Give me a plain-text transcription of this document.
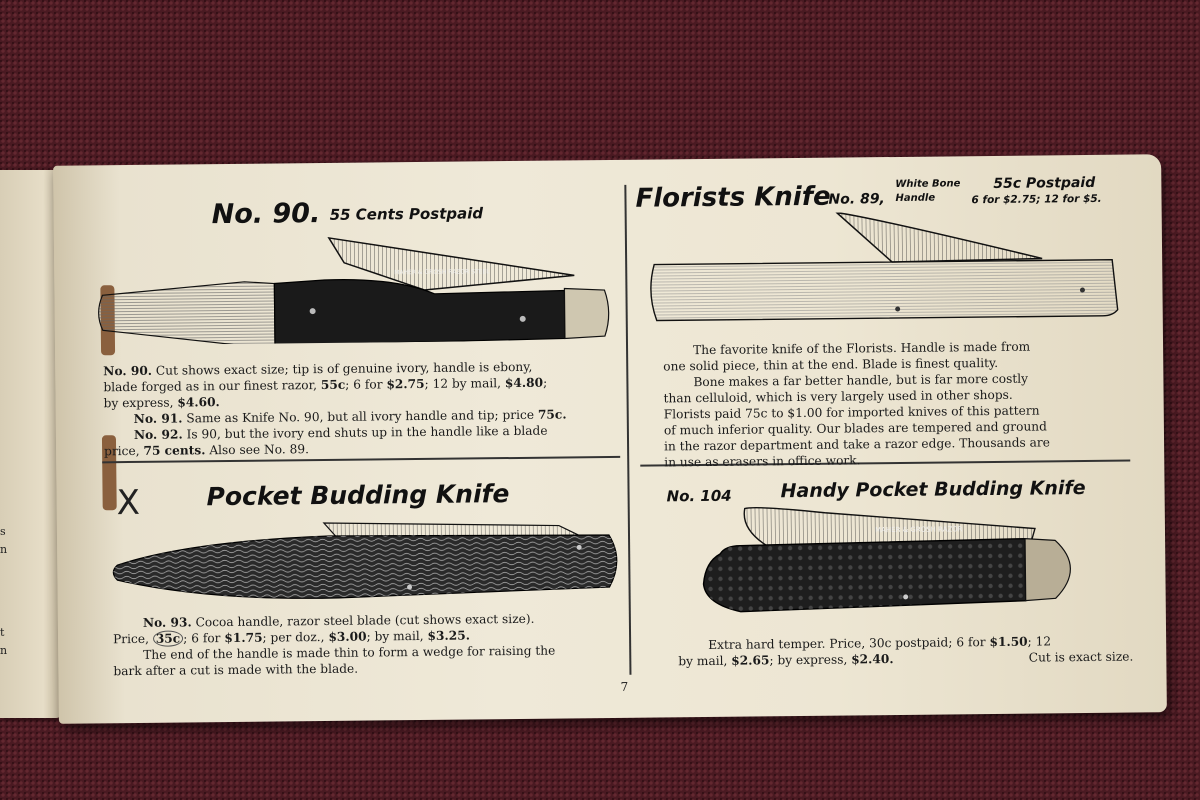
s
n
t
n
No. 90. 55 Cents Postpaid
MAHER & GROSH RAZOR STEEL
No. 90. Cut shows exact size; tip is of genuine ivory, handle is ebony,
blade forged as in our finest razor, 55c; 6 for $2.75; 12 by mail, $4.80;
by express, $4.60.
No. 91. Same as Knife No. 90, but all ivory handle and tip; price 75c.
No. 92. Is 90, but the ivory end shuts up in the handle like a blade
price, 75 cents. Also see No. 89.
Florists Knife
No. 89,
White Bone
Handle
55c Postpaid
6 for $2.75; 12 for $5.
The favorite knife of the Florists. Handle is made from
one solid piece, thin at the end. Blade is finest quality.
Bone makes a far better handle, but is far more costly
than celluloid, which is very largely used in other shops.
Florists paid 75c to $1.00 for imported knives of this pattern
of much inferior quality. Our blades are tempered and ground
in the razor department and take a razor edge. Thousands are
in use as erasers in office work.
X	Pocket Budding Knife
No. 93. Cocoa handle, razor steel blade (cut shows exact size).
Price, 35c ; 6 for $1.75; per doz., $3.00; by mail, $3.25.
The end of the handle is made thin to form a wedge for raising the
bark after a cut is made with the blade.
7
No. 104	Handy Pocket Budding Knife
MAHER & GROSH RAZOR
Extra hard temper. Price, 30c postpaid; 6 for $1.50; 12
by mail, $2.65; by express, $2.40.	Cut is exact size.
